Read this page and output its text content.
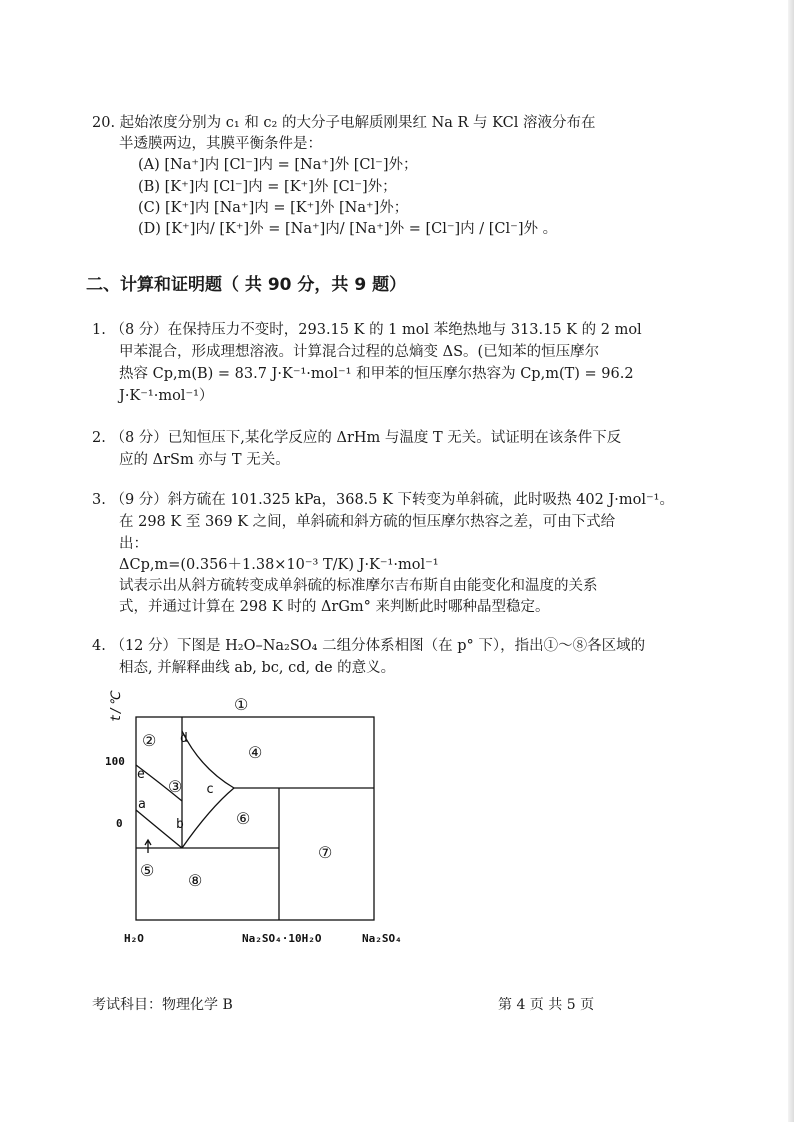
20. 起始浓度分别为 c₁ 和 c₂ 的大分子电解质刚果红 Na R 与 KCl 溶液分布在
半透膜两边，其膜平衡条件是：
(A) [Na⁺]内 [Cl⁻]内 = [Na⁺]外 [Cl⁻]外；
(B) [K⁺]内 [Cl⁻]内 = [K⁺]外 [Cl⁻]外；
(C) [K⁺]内 [Na⁺]内 = [K⁺]外 [Na⁺]外；
(D) [K⁺]内/ [K⁺]外 = [Na⁺]内/ [Na⁺]外 = [Cl⁻]内 / [Cl⁻]外 。
二、计算和证明题（ 共 90 分，共 9 题）
1. （8 分）在保持压力不变时，293.15 K 的 1 mol 苯绝热地与 313.15 K 的 2 mol
甲苯混合，形成理想溶液。计算混合过程的总熵变 ΔS。(已知苯的恒压摩尔
热容 Cp,m(B) = 83.7 J·K⁻¹·mol⁻¹ 和甲苯的恒压摩尔热容为 Cp,m(T) = 96.2
J·K⁻¹·mol⁻¹）
2. （8 分）已知恒压下,某化学反应的 ΔrHm 与温度 T 无关。试证明在该条件下反
应的 ΔrSm 亦与 T 无关。
3. （9 分）斜方硫在 101.325 kPa，368.5 K 下转变为单斜硫，此时吸热 402 J·mol⁻¹。
在 298 K 至 369 K 之间，单斜硫和斜方硫的恒压摩尔热容之差，可由下式给
出：
ΔCp,m=(0.356＋1.38×10⁻³ T/K) J·K⁻¹·mol⁻¹
试表示出从斜方硫转变成单斜硫的标准摩尔吉布斯自由能变化和温度的关系
式，并通过计算在 298 K 时的 ΔrGm° 来判断此时哪种晶型稳定。
4. （12 分）下图是 H₂O–Na₂SO₄ 二组分体系相图（在 p° 下），指出①～⑧各区域的
相态, 并解释曲线 ab, bc, cd, de 的意义。
t/℃
100
0
①
②
③
④
⑤
⑥
⑦
⑧
a
b
c
d
e
H₂O	Na₂SO₄·10H₂O	Na₂SO₄
考试科目：物理化学 B	第 4 页 共 5 页
